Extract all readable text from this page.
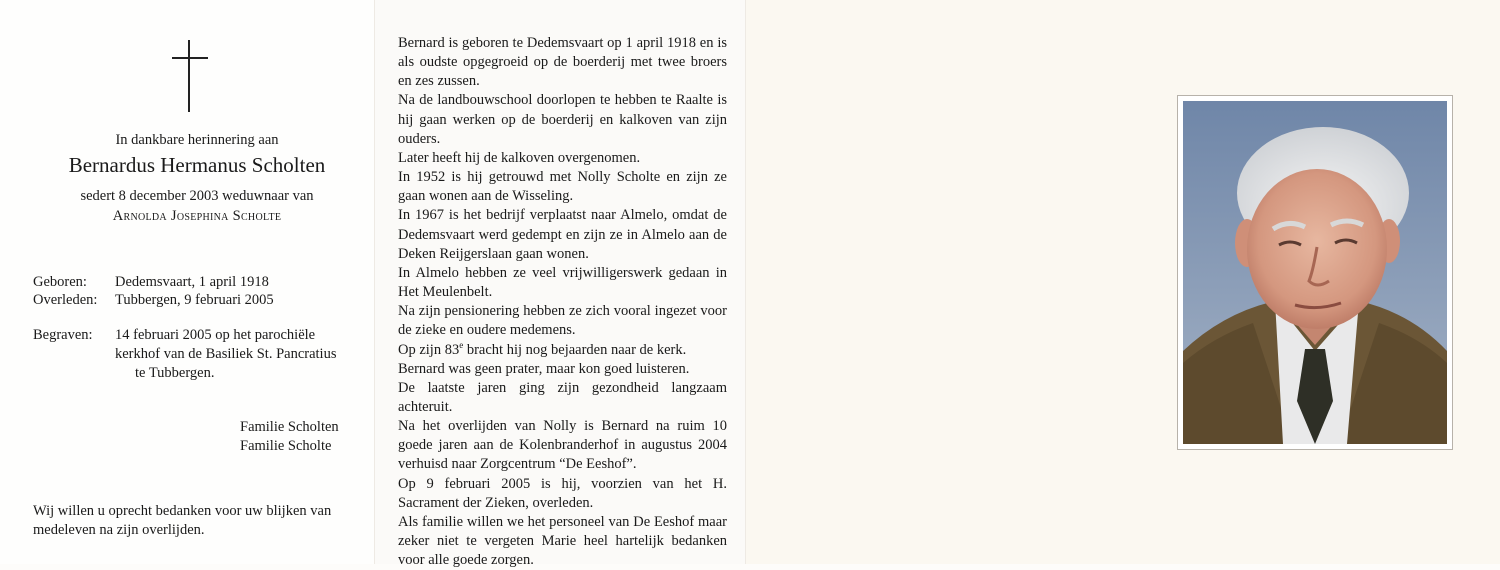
In dankbare herinnering aan
Bernardus Hermanus Scholten
sedert 8 december 2003 weduwnaar van
Arnolda Josephina Scholte
Geboren: Dedemsvaart, 1 april 1918
Overleden: Tubbergen, 9 februari 2005
Begraven: 14 februari 2005 op het parochiële
kerkhof van de Basiliek St. Pancratius
te Tubbergen.
Familie Scholten
Familie Scholte
Wij willen u oprecht bedanken voor uw blijken van
medeleven na zijn overlijden.

Bernard is geboren te Dedemsvaart op 1 april 1918 en is als oudste opgegroeid op de boerderij met twee broers en zes zussen.

Na de landbouwschool doorlopen te hebben te Raalte is hij gaan werken op de boerderij en kalkoven van zijn ouders.

Later heeft hij de kalkoven overgenomen.

In 1952 is hij getrouwd met Nolly Scholte en zijn ze gaan wonen aan de Wisseling.

In 1967 is het bedrijf verplaatst naar Almelo, omdat de Dedemsvaart werd gedempt en zijn ze in Almelo aan de Deken Reijgerslaan gaan wonen.

In Almelo hebben ze veel vrijwilligerswerk gedaan in Het Meulenbelt.

Na zijn pensionering hebben ze zich vooral ingezet voor de zieke en oudere medemens.

Op zijn 83e bracht hij nog bejaarden naar de kerk.

Bernard was geen prater, maar kon goed luisteren.

De laatste jaren ging zijn gezondheid langzaam achteruit.

Na het overlijden van Nolly is Bernard na ruim 10 goede jaren aan de Kolenbranderhof in augustus 2004 verhuisd naar Zorgcentrum “De Eeshof”.

Op 9 februari 2005 is hij, voorzien van het H. Sacrament der Zieken, overleden.

Als familie willen we het personeel van De Eeshof maar zeker niet te vergeten Marie heel hartelijk bedanken voor alle goede zorgen.
